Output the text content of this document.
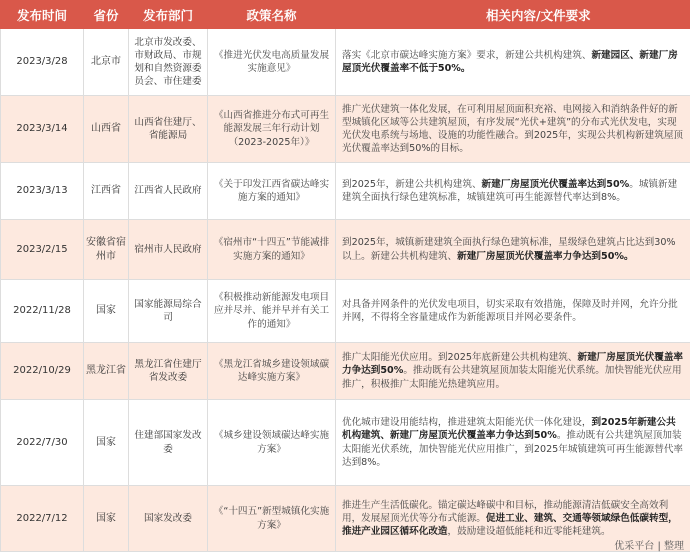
发布时间	省份	发布部门	政策名称	相关内容/文件要求
2023/3/28	北京市	北京市发改委、市财政局、市规划和自然资源委员会、市住建委	《推进光伏发电高质量发展实施意见》	落实《北京市碳达峰实施方案》要求，新建公共机构建筑、新建园区、新建厂房屋顶光伏覆盖率不低于50%。
2023/3/14	山西省	山西省住建厅、省能源局	《山西省推进分布式可再生能源发展三年行动计划（2023-2025年）》	推广光伏建筑一体化发展，在可利用屋顶面积充裕、电网接入和消纳条件好的新型城镇化区域等公共建筑屋顶，有序发展“光伏+建筑”的分布式光伏发电，实现光伏发电系统与场地、设施的功能性融合。到2025年，实现公共机构新建筑屋顶光伏覆盖率达到50%的目标。
2023/3/13	江西省	江西省人民政府	《关于印发江西省碳达峰实施方案的通知》	到2025年，新建公共机构建筑、新建厂房屋顶光伏覆盖率达到50%。城镇新建建筑全面执行绿色建筑标准，城镇建筑可再生能源替代率达到8%。
2023/2/15	安徽省宿州市	宿州市人民政府	《宿州市“十四五”节能减排实施方案的通知》	到2025年，城镇新建建筑全面执行绿色建筑标准，星级绿色建筑占比达到30%以上。新建公共机构建筑、新建厂房屋顶光伏覆盖率力争达到50%。
2022/11/28	国家	国家能源局综合司	《积极推动新能源发电项目应并尽并、能并早并有关工作的通知》	对具备并网条件的光伏发电项目，切实采取有效措施，保障及时并网，允许分批并网，不得将全容量建成作为新能源项目并网必要条件。
2022/10/29	黑龙江省	黑龙江省住建厅省发改委	《黑龙江省城乡建设领域碳达峰实施方案》	推广太阳能光伏应用。到2025年底新建公共机构建筑、新建厂房屋顶光伏覆盖率力争达到50%。推动既有公共建筑屋顶加装太阳能光伏系统。加快智能光伏应用推广，积极推广太阳能光热建筑应用。
2022/7/30	国家	住建部国家发改委	《城乡建设领域碳达峰实施方案》	优化城市建设用能结构，推进建筑太阳能光伏一体化建设，到2025年新建公共机构建筑、新建厂房屋顶光伏覆盖率力争达到50%。推动既有公共建筑屋顶加装太阳能光伏系统，加快智能光伏应用推广，到2025年城镇建筑可再生能源替代率达到8%。
2022/7/12	国家	国家发改委	《“十四五”新型城镇化实施方案》	推进生产生活低碳化。锚定碳达峰碳中和目标，推动能源清洁低碳安全高效利用，发展屋顶光伏等分布式能源。促进工业、建筑、交通等领域绿色低碳转型，推进产业园区循环化改造，鼓励建设超低能耗和近零能耗建筑。
优采平台 | 整理
